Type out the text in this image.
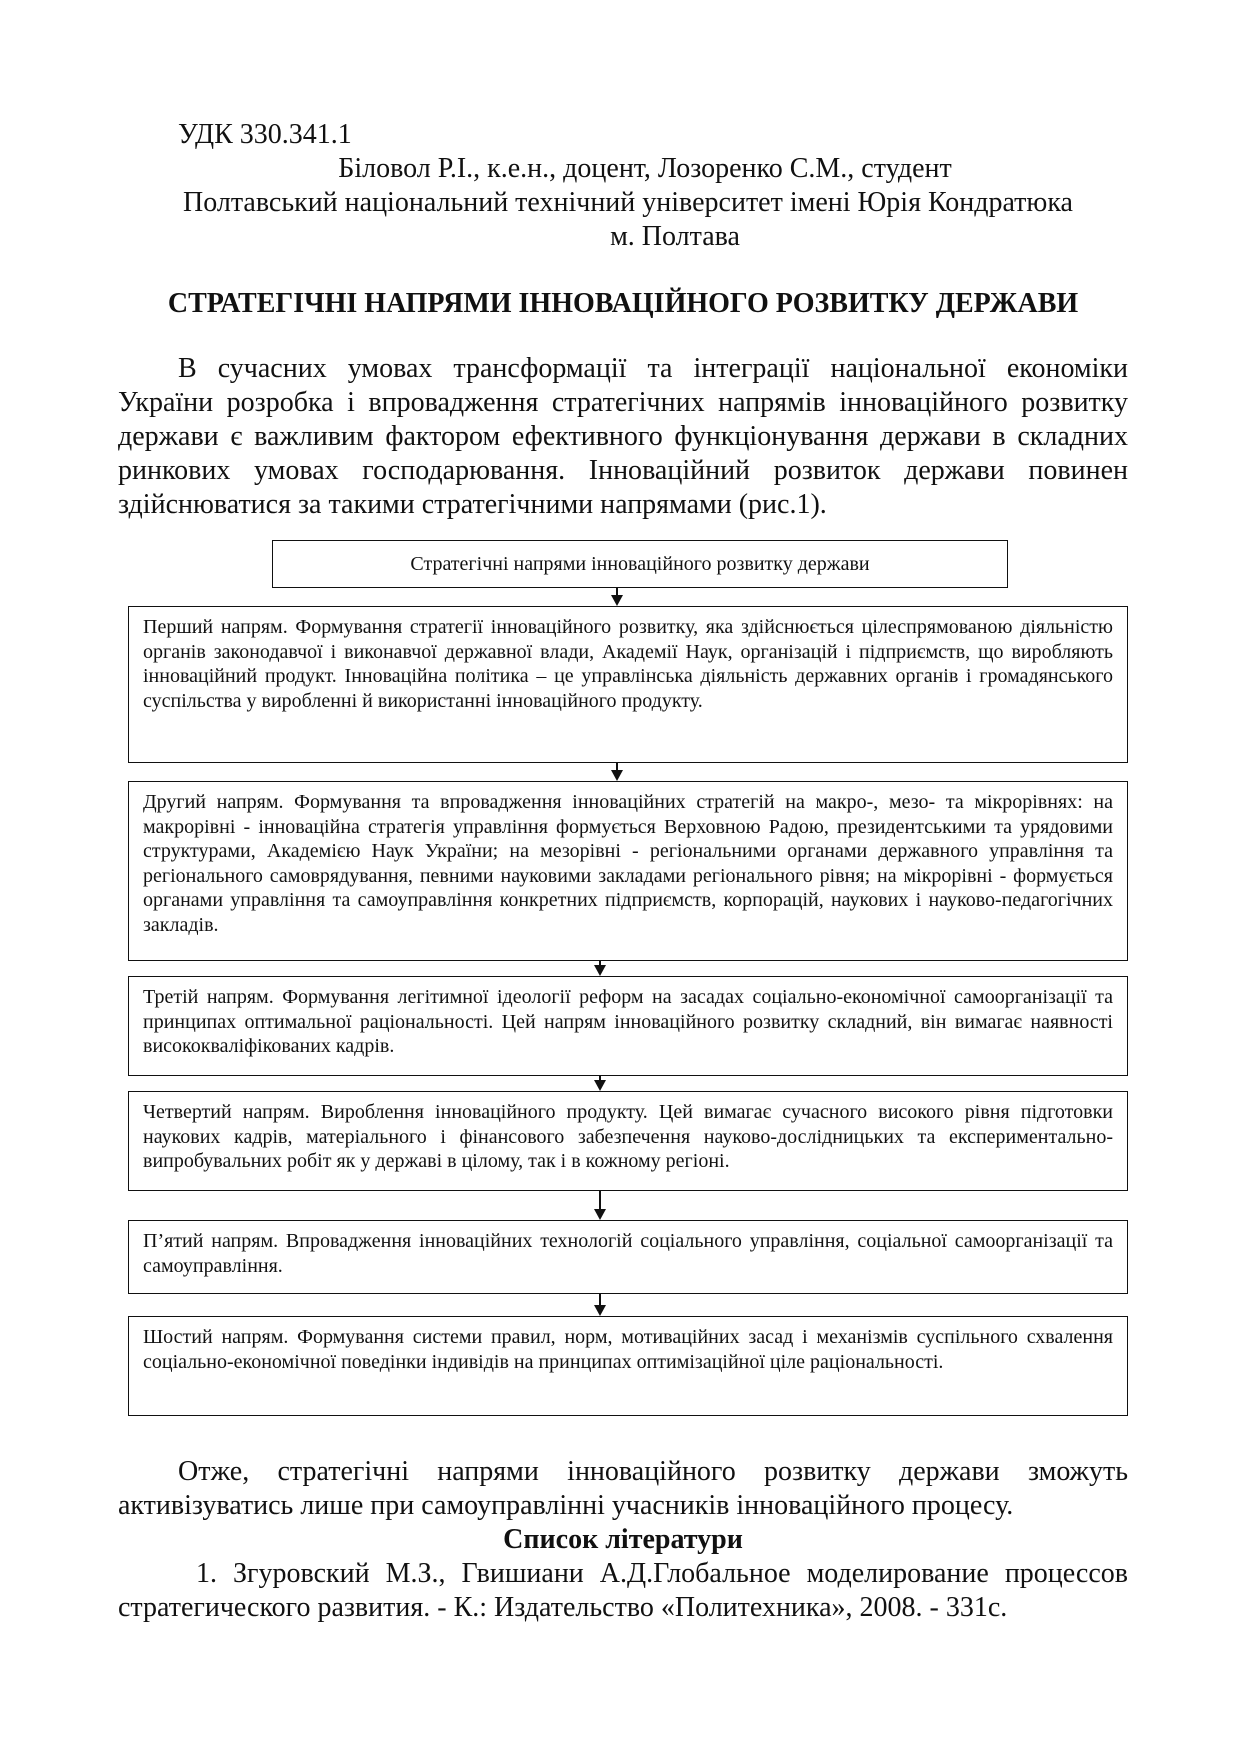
УДК 330.341.1
Біловол Р.І., к.е.н., доцент, Лозоренко С.М., студент
Полтавський національний технічний університет імені Юрія Кондратюка
м. Полтава
СТРАТЕГІЧНІ НАПРЯМИ ІННОВАЦІЙНОГО РОЗВИТКУ ДЕРЖАВИ

В сучасних умовах трансформації та інтеграції національної економіки України розробка і впровадження стратегічних напрямів інноваційного розвитку держави є важливим фактором ефективного функціонування держави в складних ринкових умовах господарювання. Інноваційний розвиток держави повинен здійснюватися за такими стратегічними напрямами (рис.1).

Стратегічні напрями інноваційного розвитку держави
Перший напрям. Формування стратегії інноваційного розвитку, яка здійснюється цілеспрямованою діяльністю органів законодавчої і виконавчої державної влади, Академії Наук, організацій і підприємств, що виробляють інноваційний продукт. Інноваційна політика – це управлінська діяльність державних органів і громадянського суспільства у виробленні й використанні інноваційного продукту.
Другий напрям. Формування та впровадження інноваційних стратегій на макро-, мезо- та мікрорівнях: на макрорівні - інноваційна стратегія управління формується Верховною Радою, президентськими та урядовими структурами, Академією Наук України; на мезорівні - регіональними органами державного управління та регіонального самоврядування, певними науковими закладами регіонального рівня; на мікрорівні - формується органами управління та самоуправління конкретних підприємств, корпорацій, наукових і науково-педагогічних закладів.
Третій напрям. Формування легітимної ідеології реформ на засадах соціально-економічної самоорганізації та принципах оптимальної раціональності. Цей напрям інноваційного розвитку складний, він вимагає наявності висококваліфікованих кадрів.
Четвертий напрям. Вироблення інноваційного продукту. Цей вимагає сучасного високого рівня підготовки наукових кадрів, матеріального і фінансового забезпечення науково-дослідницьких та експериментально-випробувальних робіт як у державі в цілому, так і в кожному регіоні.
П’ятий напрям. Впровадження інноваційних технологій соціального управління, соціальної самоорганізації та самоуправління.
Шостий напрям. Формування системи правил, норм, мотиваційних засад і механізмів суспільного схвалення соціально-економічної поведінки індивідів на принципах оптимізаційної ціле раціональності.

Отже, стратегічні напрями інноваційного розвитку держави зможуть активізуватись лише при самоуправлінні учасників інноваційного процесу.

Список літератури

1. Згуровский М.З., Гвишиани А.Д.Глобальное моделирование процессов стратегического развития. - К.: Издательство «Политехника», 2008. - 331с.
